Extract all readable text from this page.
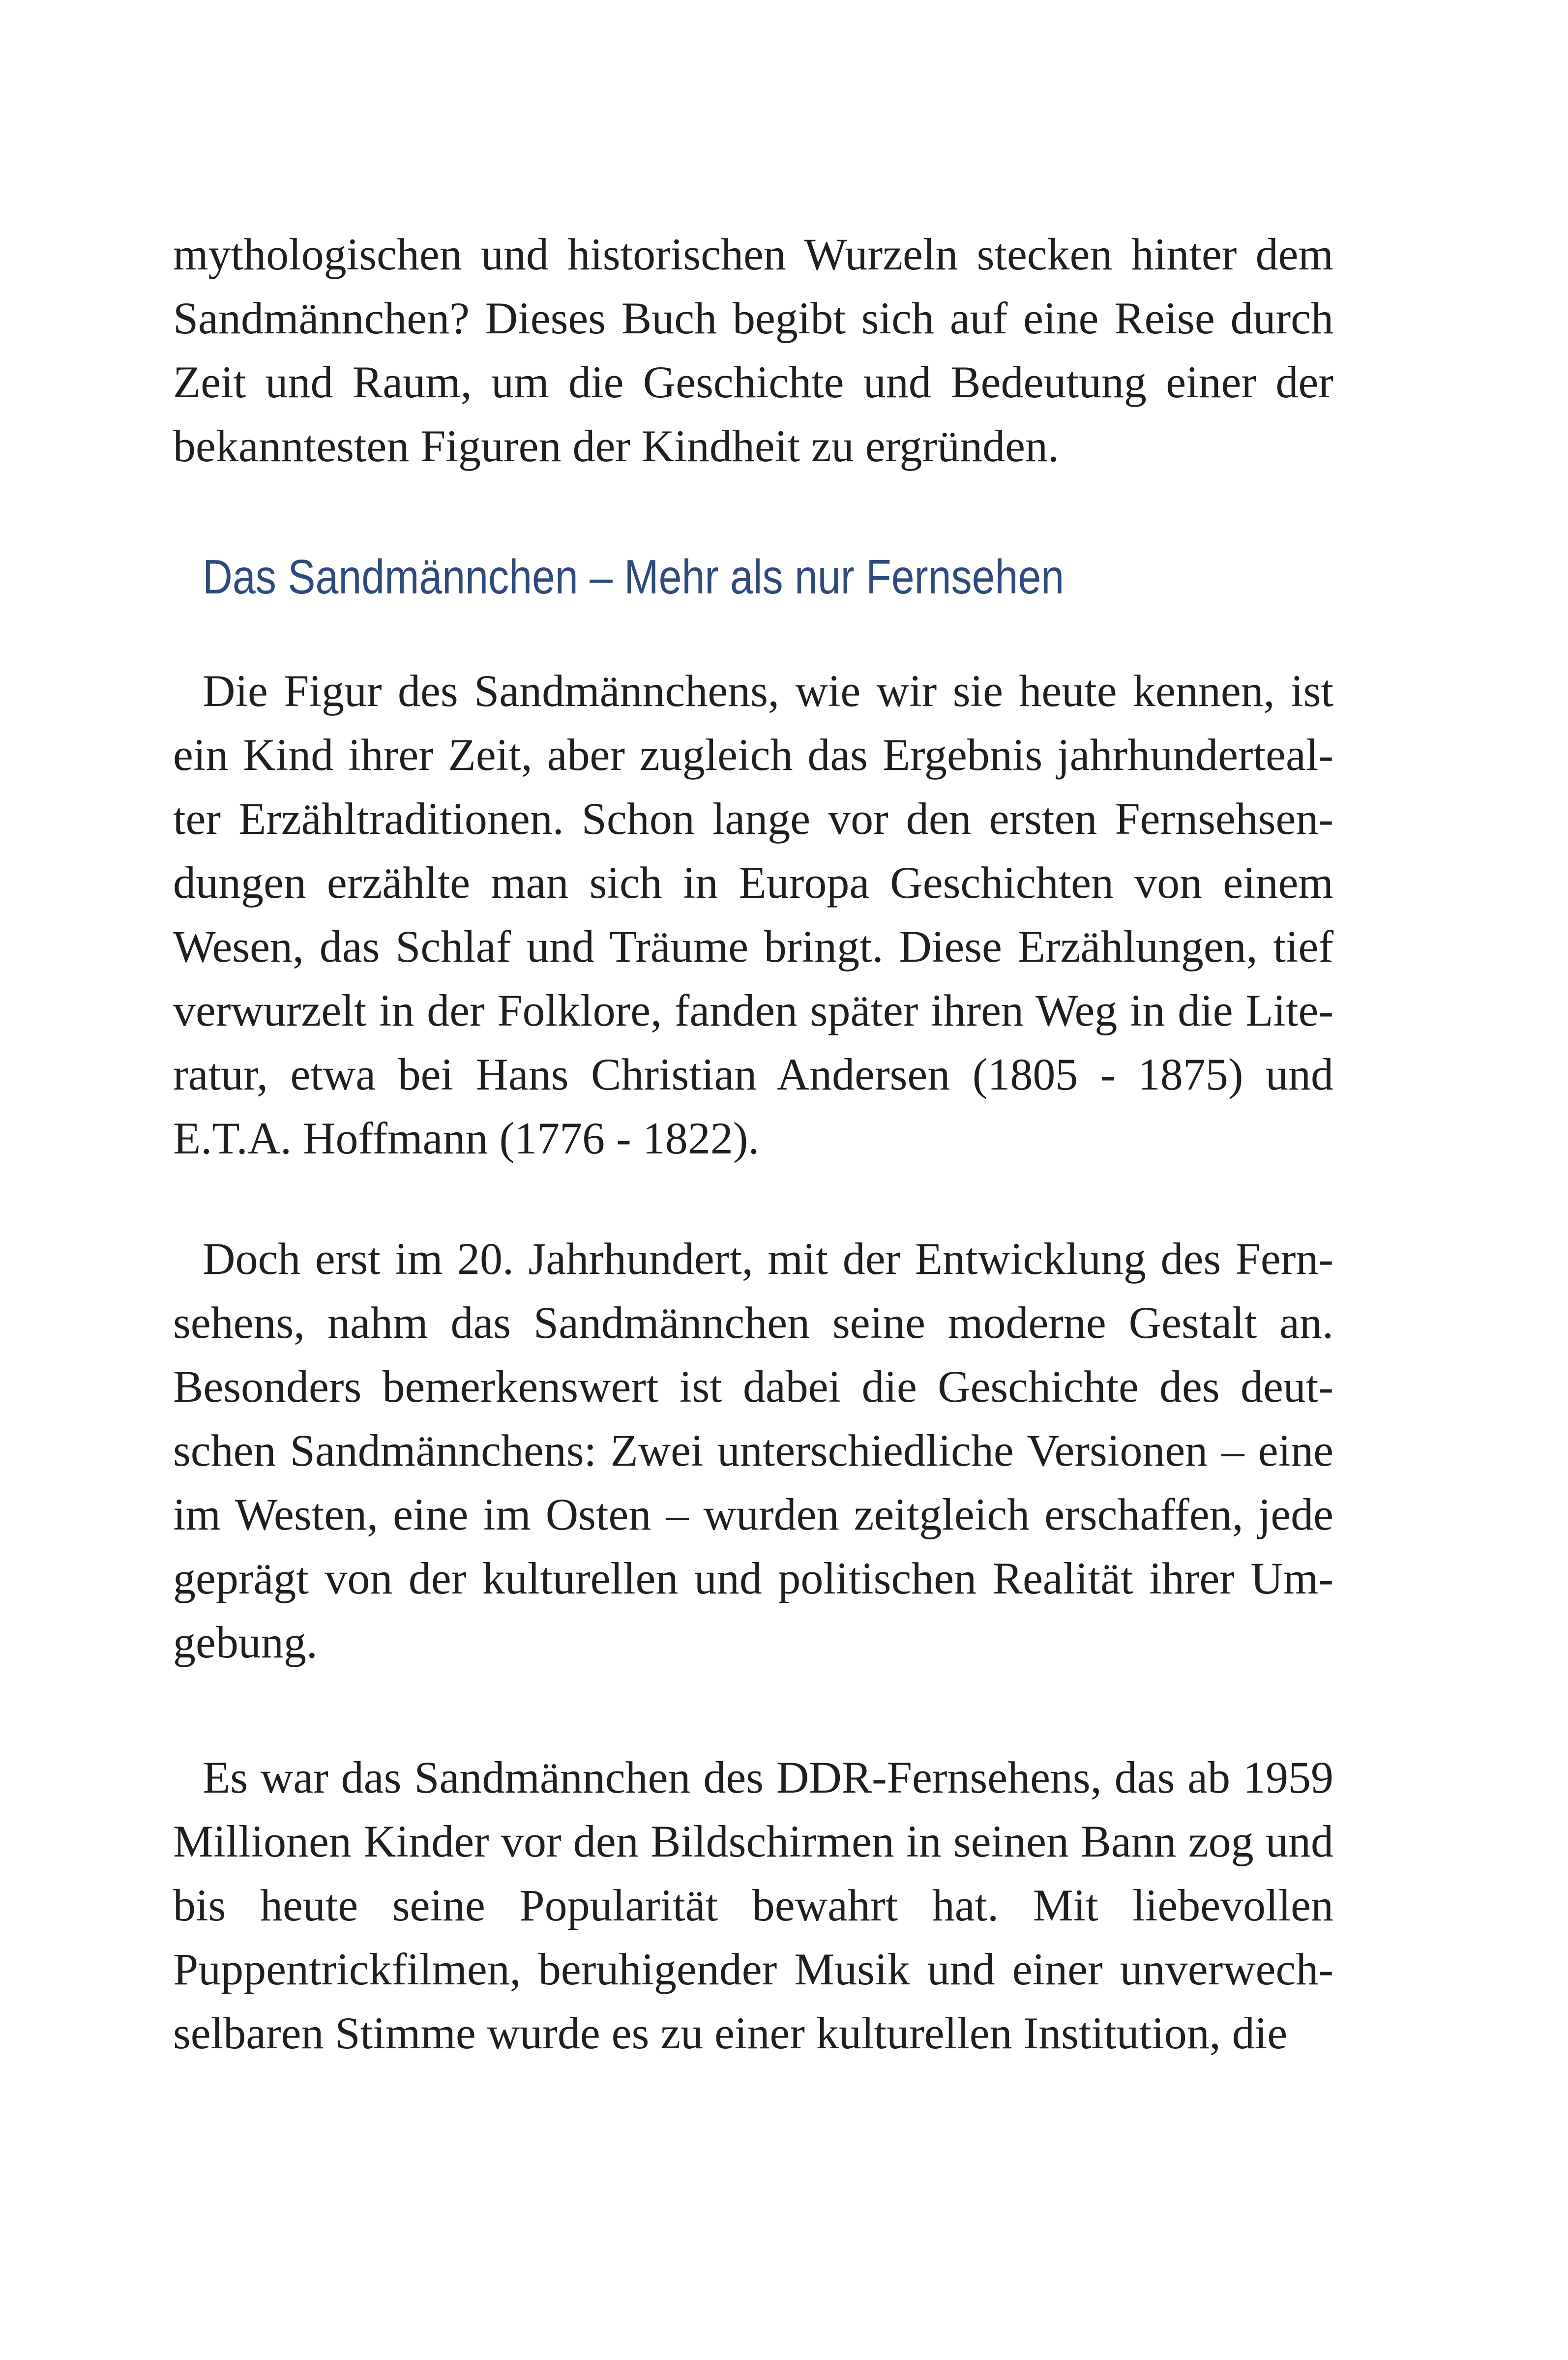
mythologischen und historischen Wurzeln stecken hinter dem Sandmännchen? Dieses Buch begibt sich auf eine Reise durch Zeit und Raum, um die Geschichte und Bedeutung einer der bekanntesten Figuren der Kindheit zu ergründen.

Das Sandmännchen – Mehr als nur Fernsehen

Die Figur des Sandmännchens, wie wir sie heute kennen, ist ein Kind ihrer Zeit, aber zugleich das Ergebnis jahrhundertealter Erzähltraditionen. Schon lange vor den ersten Fernsehsendungen erzählte man sich in Europa Geschichten von einem Wesen, das Schlaf und Träume bringt. Diese Erzählungen, tief verwurzelt in der Folklore, fanden später ihren Weg in die Literatur, etwa bei Hans Christian Andersen (1805 - 1875) und E.T.A. Hoffmann (1776 - 1822).

Doch erst im 20. Jahrhundert, mit der Entwicklung des Fernsehens, nahm das Sandmännchen seine moderne Gestalt an. Besonders bemerkenswert ist dabei die Geschichte des deutschen Sandmännchens: Zwei unterschiedliche Versionen – eine im Westen, eine im Osten – wurden zeitgleich erschaffen, jede geprägt von der kulturellen und politischen Realität ihrer Umgebung.

Es war das Sandmännchen des DDR-Fernsehens, das ab 1959 Millionen Kinder vor den Bildschirmen in seinen Bann zog und bis heute seine Popularität bewahrt hat. Mit liebevollen Puppentrickfilmen, beruhigender Musik und einer unverwechselbaren Stimme wurde es zu einer kulturellen Institution, die
